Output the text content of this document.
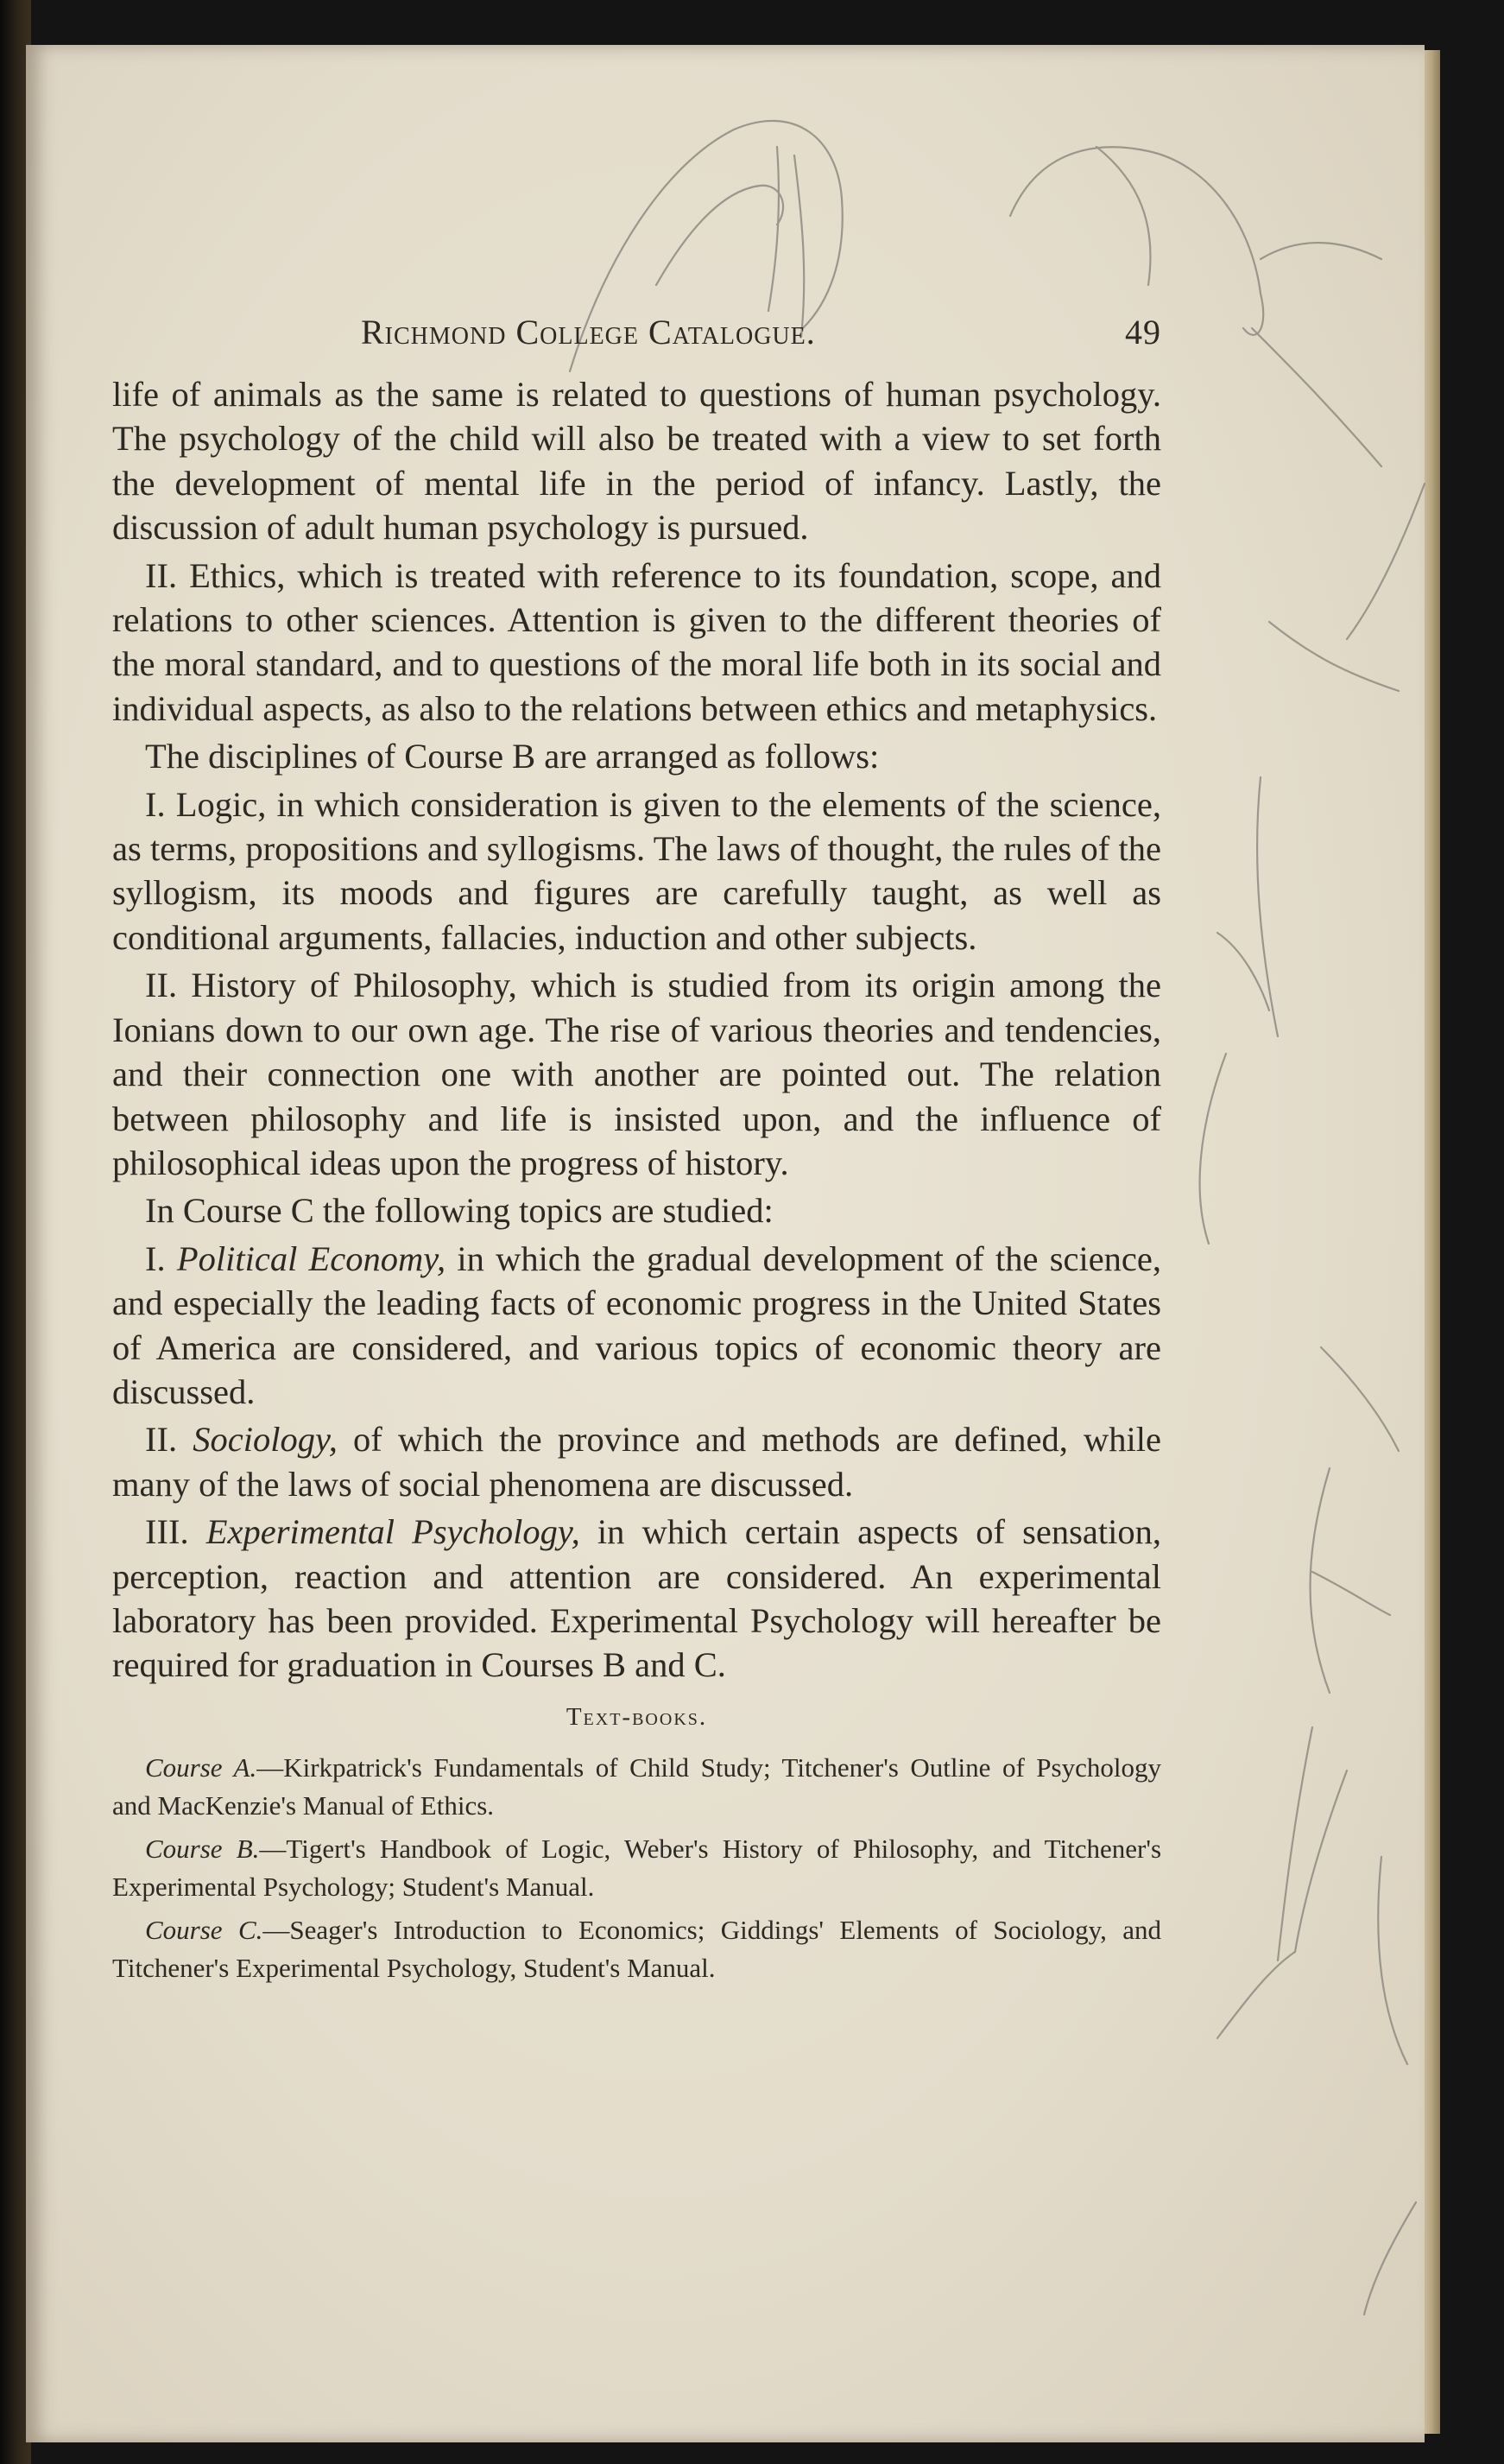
Richmond College Catalogue.	49

life of animals as the same is related to questions of human psychology. The psychology of the child will also be treated with a view to set forth the development of mental life in the period of infancy. Lastly, the discussion of adult human psychology is pursued.

II. Ethics, which is treated with reference to its foundation, scope, and relations to other sciences. Attention is given to the different theories of the moral standard, and to questions of the moral life both in its social and individual aspects, as also to the relations between ethics and metaphysics.

The disciplines of Course B are arranged as follows:

I. Logic, in which consideration is given to the elements of the science, as terms, propositions and syllogisms. The laws of thought, the rules of the syllogism, its moods and figures are carefully taught, as well as conditional arguments, fallacies, induction and other subjects.

II. History of Philosophy, which is studied from its origin among the Ionians down to our own age. The rise of various theories and tendencies, and their connection one with another are pointed out. The relation between philosophy and life is insisted upon, and the influence of philosophical ideas upon the progress of history.

In Course C the following topics are studied:

I. Political Economy, in which the gradual development of the science, and especially the leading facts of economic progress in the United States of America are considered, and various topics of economic theory are discussed.

II. Sociology, of which the province and methods are defined, while many of the laws of social phenomena are discussed.

III. Experimental Psychology, in which certain aspects of sensation, perception, reaction and attention are considered. An experimental laboratory has been provided. Experimental Psychology will hereafter be required for graduation in Courses B and C.

Text-books.

Course A.—Kirkpatrick's Fundamentals of Child Study; Titchener's Outline of Psychology and MacKenzie's Manual of Ethics.

Course B.—Tigert's Handbook of Logic, Weber's History of Philosophy, and Titchener's Experimental Psychology; Student's Manual.

Course C.—Seager's Introduction to Economics; Giddings' Elements of Sociology, and Titchener's Experimental Psychology, Student's Manual.
